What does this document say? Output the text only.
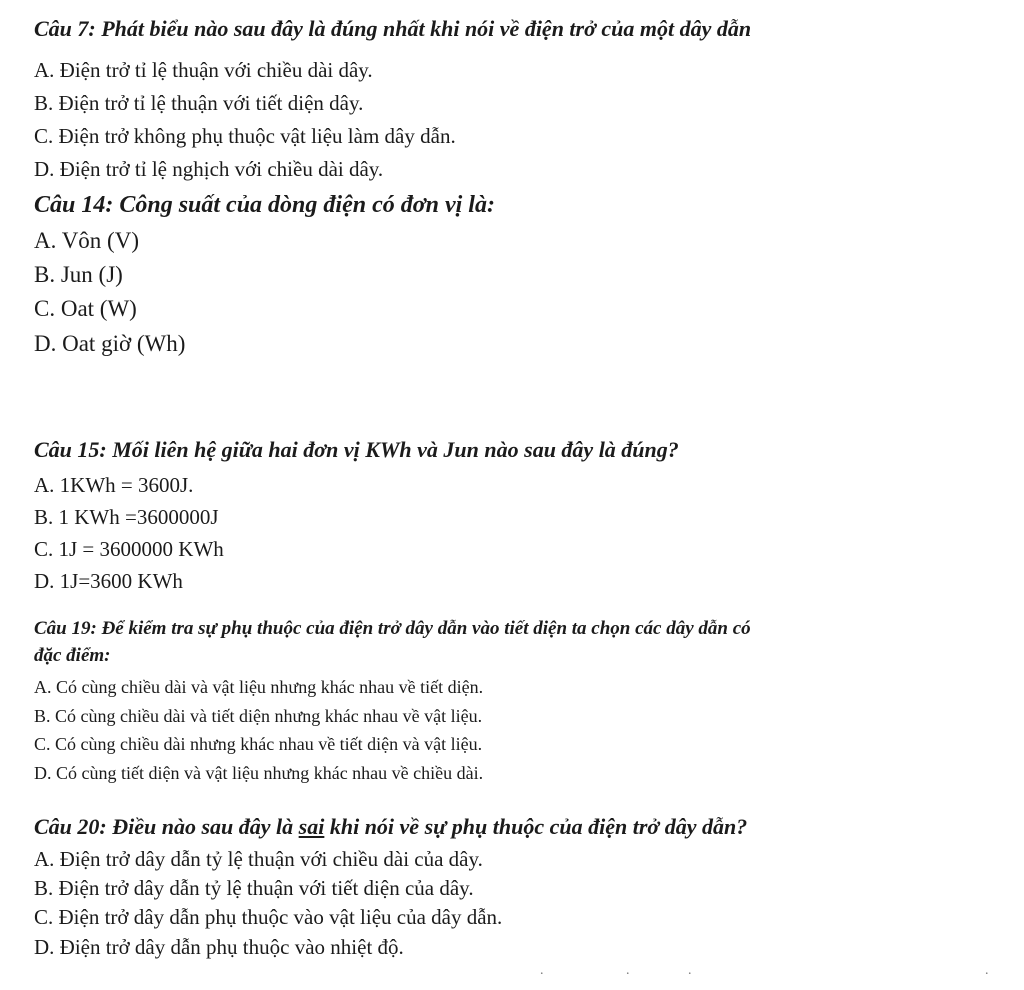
Câu 7: Phát biểu nào sau đây là đúng nhất khi nói về điện trở của một dây dẫn
A. Điện trở tỉ lệ thuận với chiều dài dây.
B. Điện trở tỉ lệ thuận với tiết diện dây.
C. Điện trở không phụ thuộc vật liệu làm dây dẫn.
D. Điện trở tỉ lệ nghịch với chiều dài dây.
Câu 14: Công suất của dòng điện có đơn vị là:
A. Vôn (V)
B. Jun (J)
C. Oat (W)
D. Oat giờ (Wh)
Câu 15: Mối liên hệ giữa hai đơn vị KWh và Jun nào sau đây là đúng?
A. 1KWh = 3600J.
B. 1 KWh =3600000J
C. 1J = 3600000 KWh
D. 1J=3600 KWh
Câu 19: Để kiểm tra sự phụ thuộc của điện trở dây dẫn vào tiết diện ta chọn các dây dẫn có
đặc điểm:
A. Có cùng chiều dài và vật liệu nhưng khác nhau về tiết diện.
B. Có cùng chiều dài và tiết diện nhưng khác nhau về vật liệu.
C. Có cùng chiều dài nhưng khác nhau về tiết diện và vật liệu.
D. Có cùng tiết diện và vật liệu nhưng khác nhau về chiều dài.
Câu 20: Điều nào sau đây là sai khi nói về sự phụ thuộc của điện trở dây dẫn?
A. Điện trở dây dẫn tỷ lệ thuận với chiều dài của dây.
B. Điện trở dây dẫn tỷ lệ thuận với tiết diện của dây.
C. Điện trở dây dẫn phụ thuộc vào vật liệu của dây dẫn.
D. Điện trở dây dẫn phụ thuộc vào nhiệt độ.
.	.	.	.
